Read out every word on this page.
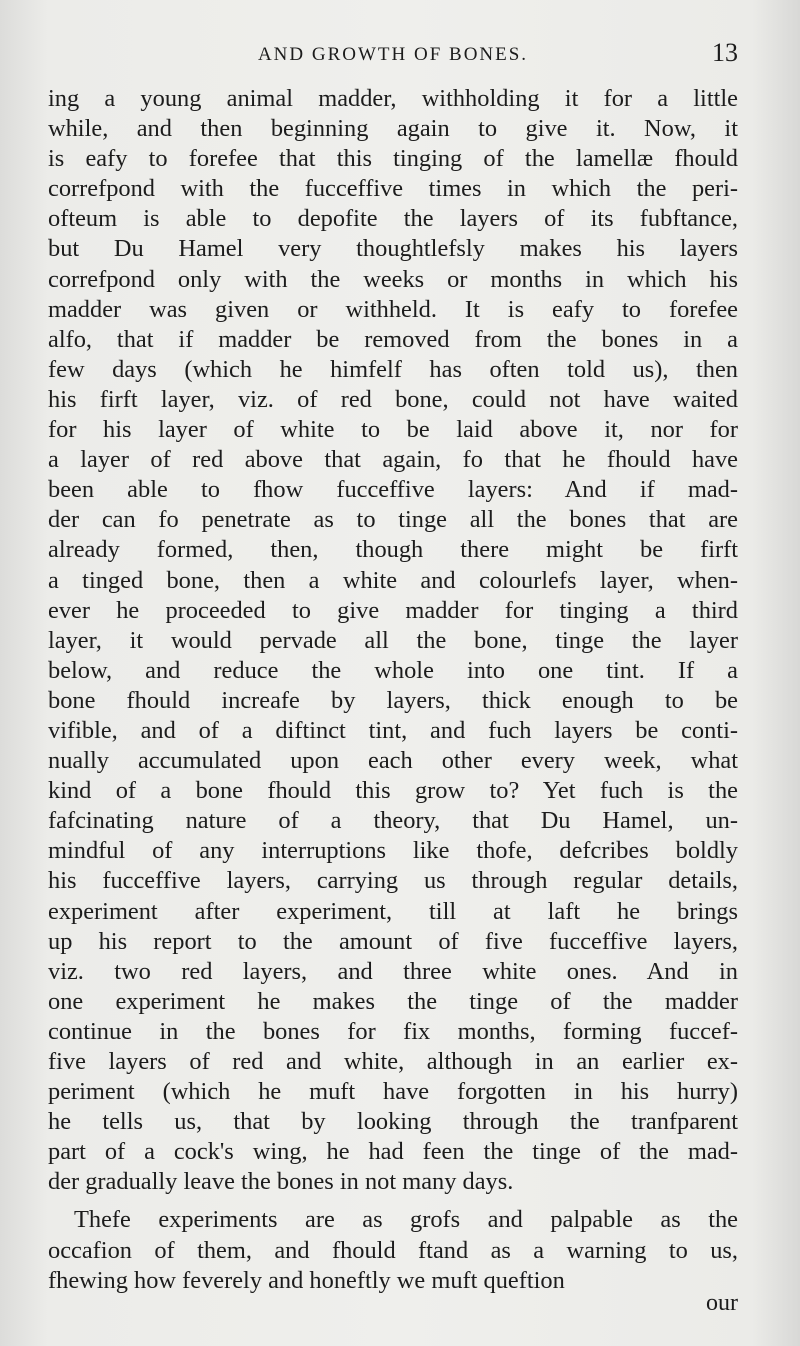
AND GROWTH OF BONES.	13
ing a young animal madder, withholding it for a little
while, and then beginning again to give it. Now, it
is eafy to forefee that this tinging of the lamellæ fhould
correfpond with the fucceffive times in which the peri-
ofteum is able to depofite the layers of its fubftance,
but Du Hamel very thoughtlefsly makes his layers
correfpond only with the weeks or months in which his
madder was given or withheld. It is eafy to forefee
alfo, that if madder be removed from the bones in a
few days (which he himfelf has often told us), then
his firft layer, viz. of red bone, could not have waited
for his layer of white to be laid above it, nor for
a layer of red above that again, fo that he fhould have
been able to fhow fucceffive layers: And if mad-
der can fo penetrate as to tinge all the bones that are
already formed, then, though there might be firft
a tinged bone, then a white and colourlefs layer, when-
ever he proceeded to give madder for tinging a third
layer, it would pervade all the bone, tinge the layer
below, and reduce the whole into one tint. If a
bone fhould increafe by layers, thick enough to be
vifible, and of a diftinct tint, and fuch layers be conti-
nually accumulated upon each other every week, what
kind of a bone fhould this grow to? Yet fuch is the
fafcinating nature of a theory, that Du Hamel, un-
mindful of any interruptions like thofe, defcribes boldly
his fucceffive layers, carrying us through regular details,
experiment after experiment, till at laft he brings
up his report to the amount of five fucceffive layers,
viz. two red layers, and three white ones. And in
one experiment he makes the tinge of the madder
continue in the bones for fix months, forming fuccef-
five layers of red and white, although in an earlier ex-
periment (which he muft have forgotten in his hurry)
he tells us, that by looking through the tranfparent
part of a cock's wing, he had feen the tinge of the mad-
der gradually leave the bones in not many days.
Thefe experiments are as grofs and palpable as the
occafion of them, and fhould ftand as a warning to us,
fhewing how feverely and honeftly we muft queftion
our
